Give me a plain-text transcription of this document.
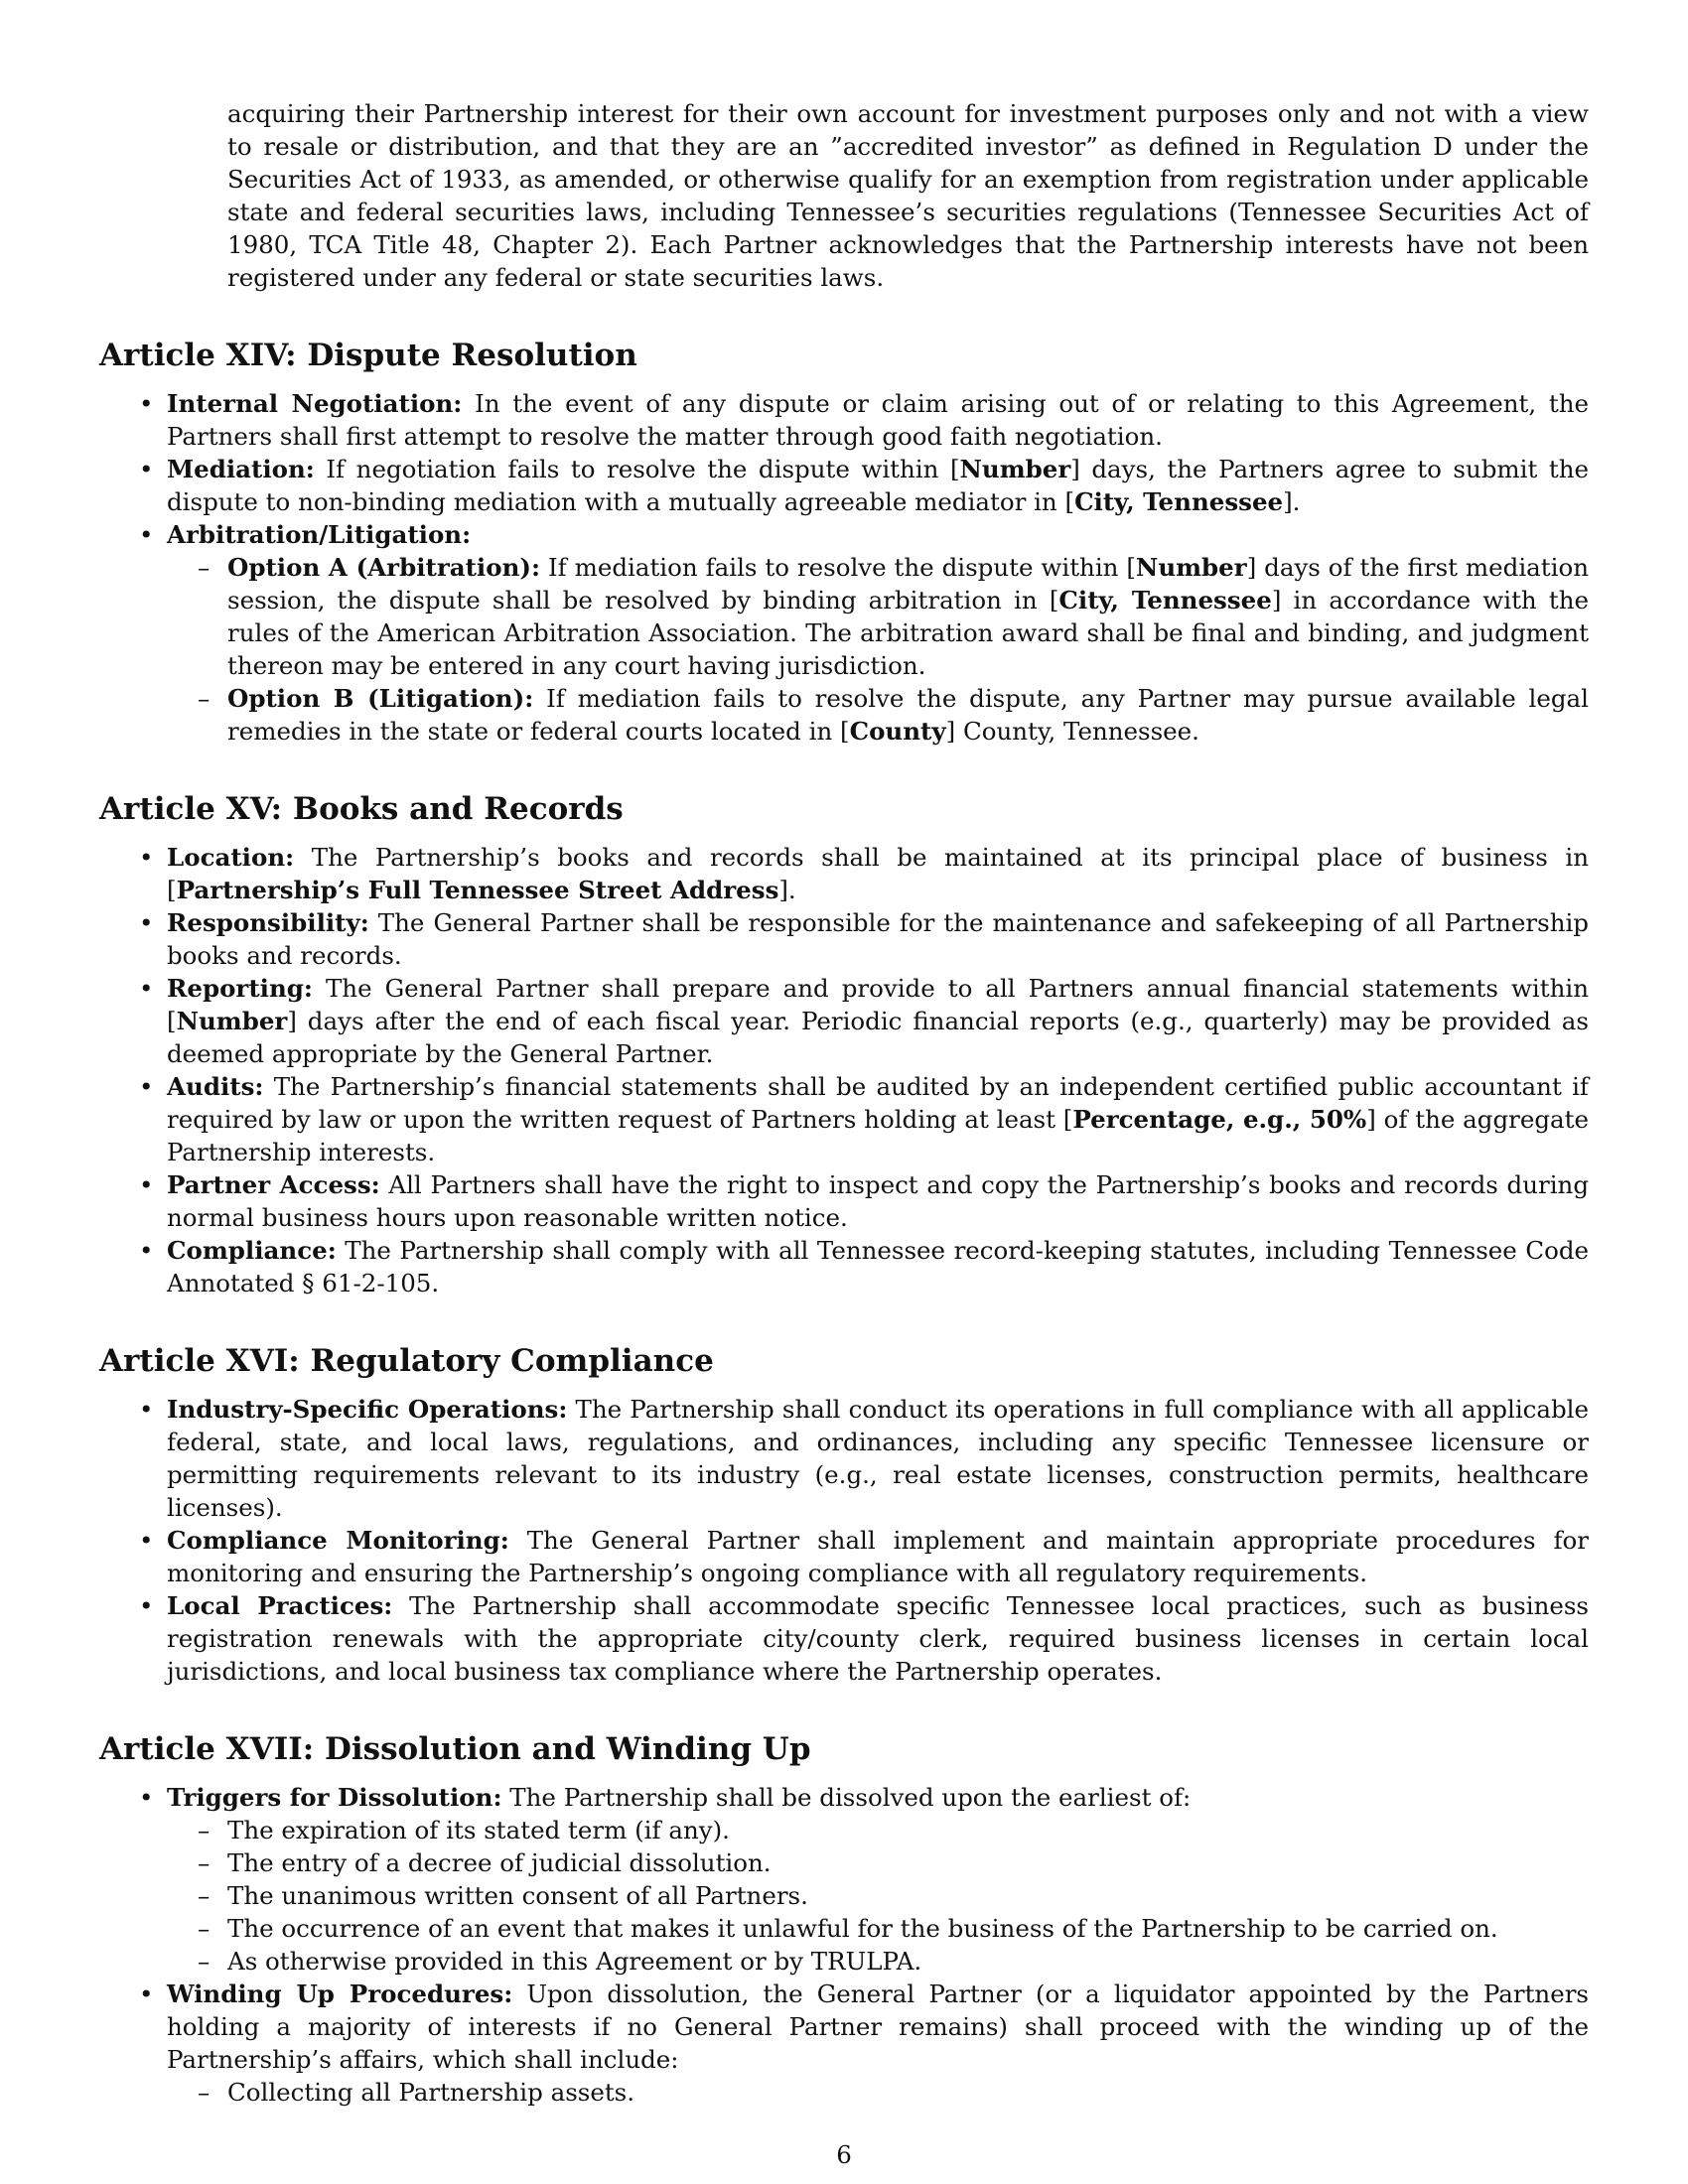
acquiring their Partnership interest for their own account for investment purposes only and not with a view to resale or distribution, and that they are an ”accredited investor” as defined in Regulation D under the Securities Act of 1933, as amended, or otherwise qualify for an exemption from registration under applicable state and federal securities laws, including Tennessee’s securities regulations (Tennessee Securities Act of 1980, TCA Title 48, Chapter 2). Each Partner acknowledges that the Partnership interests have not been registered under any federal or state securities laws.

Article XIV: Dispute Resolution
• Internal Negotiation: In the event of any dispute or claim arising out of or relating to this Agreement, the Partners shall first attempt to resolve the matter through good faith negotiation.
• Mediation: If negotiation fails to resolve the dispute within [Number] days, the Partners agree to submit the dispute to non-binding mediation with a mutually agreeable mediator in [City, Tennessee].
• Arbitration/Litigation:
– Option A (Arbitration): If mediation fails to resolve the dispute within [Number] days of the first mediation session, the dispute shall be resolved by binding arbitration in [City, Tennessee] in accordance with the rules of the American Arbitration Association. The arbitration award shall be final and binding, and judgment thereon may be entered in any court having jurisdiction.
– Option B (Litigation): If mediation fails to resolve the dispute, any Partner may pursue available legal remedies in the state or federal courts located in [County] County, Tennessee.
Article XV: Books and Records
• Location: The Partnership’s books and records shall be maintained at its principal place of business in [Partnership’s Full Tennessee Street Address].
• Responsibility: The General Partner shall be responsible for the maintenance and safekeeping of all Partnership books and records.
• Reporting: The General Partner shall prepare and provide to all Partners annual financial statements within [Number] days after the end of each fiscal year. Periodic financial reports (e.g., quarterly) may be provided as deemed appropriate by the General Partner.
• Audits: The Partnership’s financial statements shall be audited by an independent certified public accountant if required by law or upon the written request of Partners holding at least [Percentage, e.g., 50%] of the aggregate Partnership interests.
• Partner Access: All Partners shall have the right to inspect and copy the Partnership’s books and records during normal business hours upon reasonable written notice.
• Compliance: The Partnership shall comply with all Tennessee record-keeping statutes, including Tennessee Code Annotated § 61-2-105.
Article XVI: Regulatory Compliance
• Industry-Specific Operations: The Partnership shall conduct its operations in full compliance with all applicable federal, state, and local laws, regulations, and ordinances, including any specific Tennessee licensure or permitting requirements relevant to its industry (e.g., real estate licenses, construction permits, healthcare licenses).
• Compliance Monitoring: The General Partner shall implement and maintain appropriate procedures for monitoring and ensuring the Partnership’s ongoing compliance with all regulatory requirements.
• Local Practices: The Partnership shall accommodate specific Tennessee local practices, such as business registration renewals with the appropriate city/county clerk, required business licenses in certain local jurisdictions, and local business tax compliance where the Partnership operates.
Article XVII: Dissolution and Winding Up
• Triggers for Dissolution: The Partnership shall be dissolved upon the earliest of:
– The expiration of its stated term (if any).
– The entry of a decree of judicial dissolution.
– The unanimous written consent of all Partners.
– The occurrence of an event that makes it unlawful for the business of the Partnership to be carried on.
– As otherwise provided in this Agreement or by TRULPA.
• Winding Up Procedures: Upon dissolution, the General Partner (or a liquidator appointed by the Partners holding a majority of interests if no General Partner remains) shall proceed with the winding up of the Partnership’s affairs, which shall include:
– Collecting all Partnership assets.
6
